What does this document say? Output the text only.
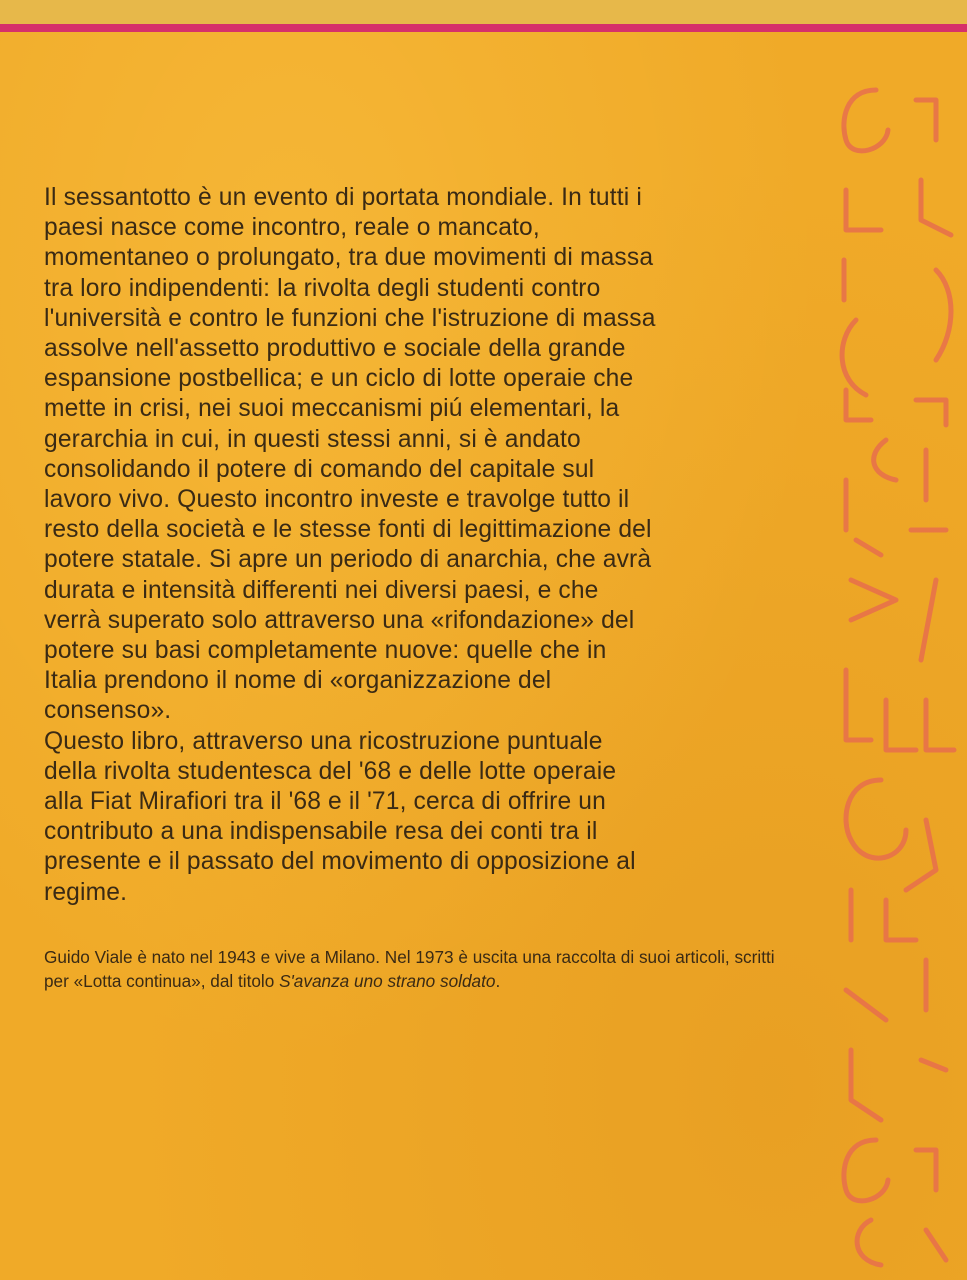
Il sessantotto è un evento di portata mondiale. In tutti i
paesi nasce come incontro, reale o mancato,
momentaneo o prolungato, tra due movimenti di massa
tra loro indipendenti: la rivolta degli studenti contro
l'università e contro le funzioni che l'istruzione di massa
assolve nell'assetto produttivo e sociale della grande
espansione postbellica; e un ciclo di lotte operaie che
mette in crisi, nei suoi meccanismi piú elementari, la
gerarchia in cui, in questi stessi anni, si è andato
consolidando il potere di comando del capitale sul
lavoro vivo. Questo incontro investe e travolge tutto il
resto della società e le stesse fonti di legittimazione del
potere statale. Si apre un periodo di anarchia, che avrà
durata e intensità differenti nei diversi paesi, e che
verrà superato solo attraverso una «rifondazione» del
potere su basi completamente nuove: quelle che in
Italia prendono il nome di «organizzazione del
consenso».
Questo libro, attraverso una ricostruzione puntuale
della rivolta studentesca del '68 e delle lotte operaie
alla Fiat Mirafiori tra il '68 e il '71, cerca di offrire un
contributo a una indispensabile resa dei conti tra il
presente e il passato del movimento di opposizione al
regime.

Guido Viale è nato nel 1943 e vive a Milano. Nel 1973 è uscita una raccolta di suoi articoli, scritti per «Lotta continua», dal titolo S'avanza uno strano soldato.
